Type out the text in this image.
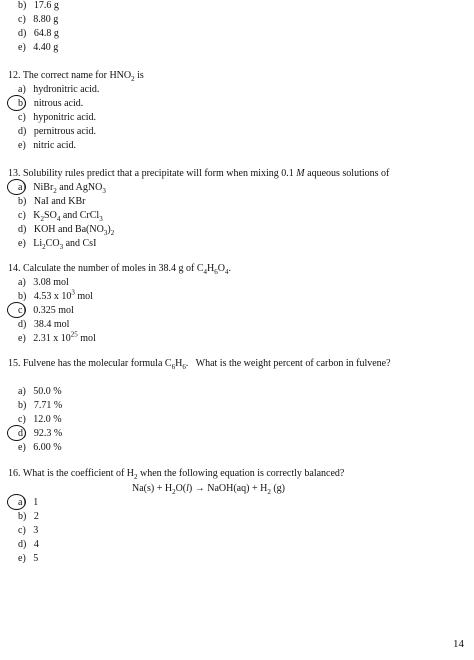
b) 17.6 g
c) 8.80 g
d) 64.8 g
e) 4.40 g
12. The correct name for $HNO_2$ is
a) hydronitric acid.
b) nitrous acid.
c) hyponitric acid.
d) pernitrous acid.
e) nitric acid.
13. Solubility rules predict that a precipitate will form when mixing 0.1 M aqueous solutions of
a) NiBr$_2$ and AgNO$_3$
b) NaI and KBr
c) $K_2SO_4$ and CrCl$_3$
d) KOH and $Ba(NO_3)_2$
e) $Li_2CO_3$ and CsI
14. Calculate the number of moles in 38.4 g of $C_4H_6O_4$.
a) 3.08 mol
b) 4.53 x $10^3$ mol
c) 0.325 mol
d) 38.4 mol
e) 2.31 x $10^{25}$ mol
15. Fulvene has the molecular formula $C_6H_6$. What is the weight percent of carbon in fulvene?
a) 50.0 %
b) 7.71 %
c) 12.0 %
d) 92.3 %
e) 6.00 %
16. What is the coefficient of $H_2$ when the following equation is correctly balanced?
$Na(s) + H_2O(l)$ → NaOH(aq) + $H_2$ (g)
a) 1
b) 2
c) 3
d) 4
e) 5
14
